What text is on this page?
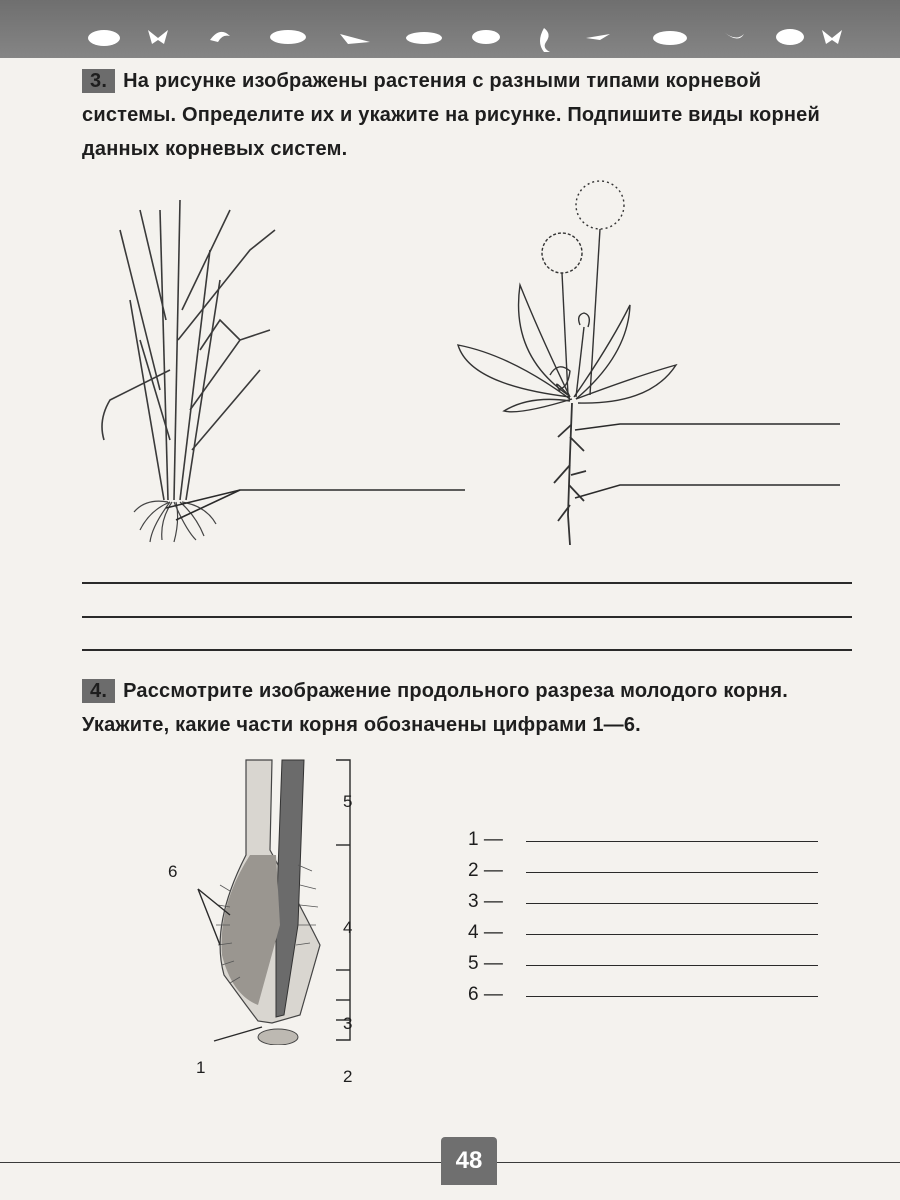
3. На рисунке изображены растения с разными типами корневой системы. Определите их и укажите на рисунке. Подпишите виды корней данных корневых систем.
4. Рассмотрите изображение продольного разреза молодого корня. Укажите, какие части корня обозначены цифрами 1—6.
5
6
4
3
2
1
1 —
2 —
3 —
4 —
5 —
6 —
48
